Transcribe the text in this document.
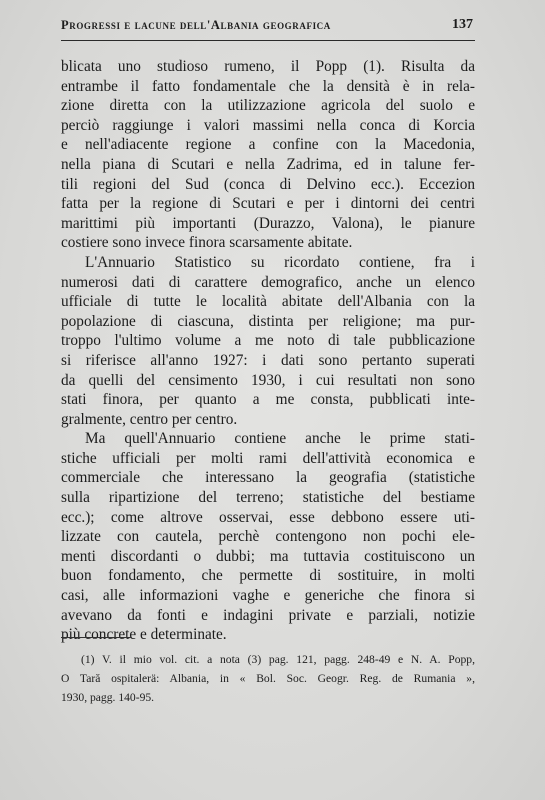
Progressi e lacune dell'Albania geografica	137
blicata uno studioso rumeno, il Popp (1). Risulta da
entrambe il fatto fondamentale che la densità è in rela-
zione diretta con la utilizzazione agricola del suolo e
perciò raggiunge i valori massimi nella conca di Korcia
e nell'adiacente regione a confine con la Macedonia,
nella piana di Scutari e nella Zadrima, ed in talune fer-
tili regioni del Sud (conca di Delvino ecc.). Eccezion
fatta per la regione di Scutari e per i dintorni dei centri
marittimi più importanti (Durazzo, Valona), le pianure
costiere sono invece finora scarsamente abitate.
L'Annuario Statistico su ricordato contiene, fra i
numerosi dati di carattere demografico, anche un elenco
ufficiale di tutte le località abitate dell'Albania con la
popolazione di ciascuna, distinta per religione; ma pur-
troppo l'ultimo volume a me noto di tale pubblicazione
si riferisce all'anno 1927: i dati sono pertanto superati
da quelli del censimento 1930, i cui resultati non sono
stati finora, per quanto a me consta, pubblicati inte-
gralmente, centro per centro.
Ma quell'Annuario contiene anche le prime stati-
stiche ufficiali per molti rami dell'attività economica e
commerciale che interessano la geografia (statistiche
sulla ripartizione del terreno; statistiche del bestiame
ecc.); come altrove osservai, esse debbono essere uti-
lizzate con cautela, perchè contengono non pochi ele-
menti discordanti o dubbi; ma tuttavia costituiscono un
buon fondamento, che permette di sostituire, in molti
casi, alle informazioni vaghe e generiche che finora si
avevano da fonti e indagini private e parziali, notizie
più concrete e determinate.
(1) V. il mio vol. cit. a nota (3) pag. 121, pagg. 248-49 e N. A. Popp,
O Tară ospitalerä: Albania, in « Bol. Soc. Geogr. Reg. de Rumania »,
1930, pagg. 140-95.
